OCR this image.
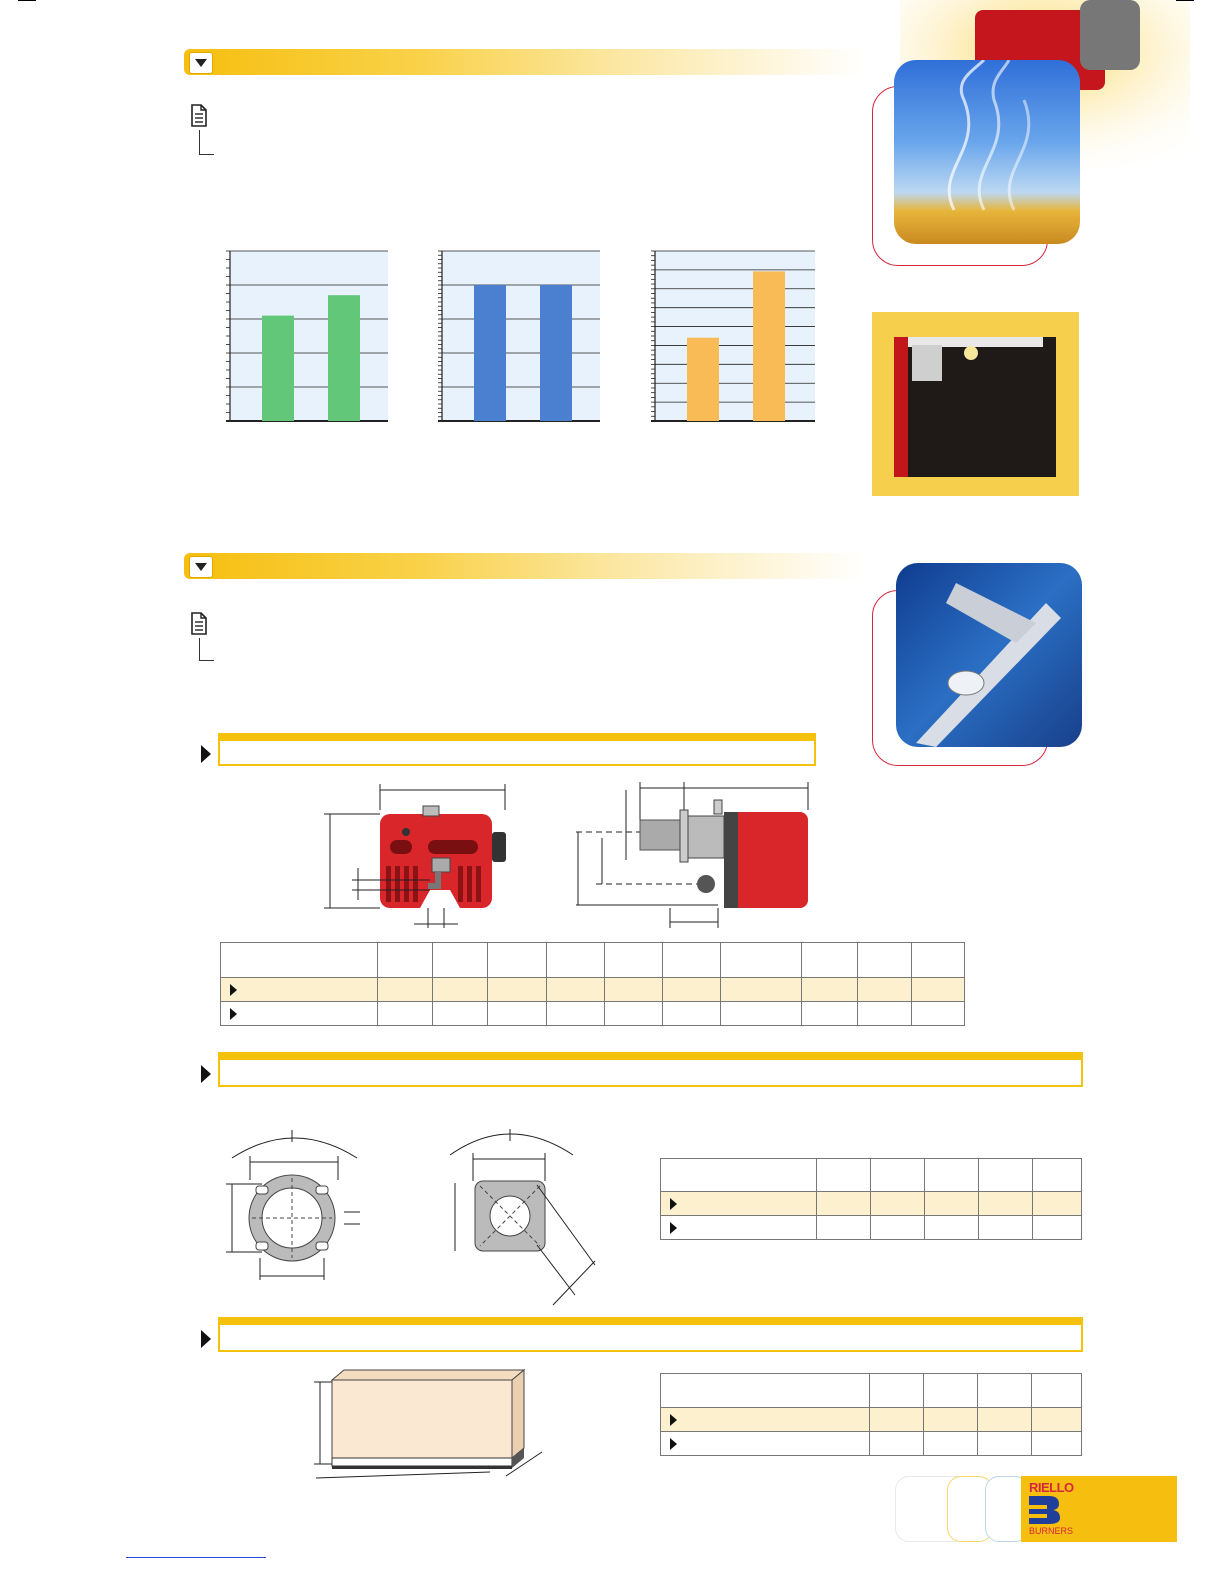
RIELLO
BURNERS
